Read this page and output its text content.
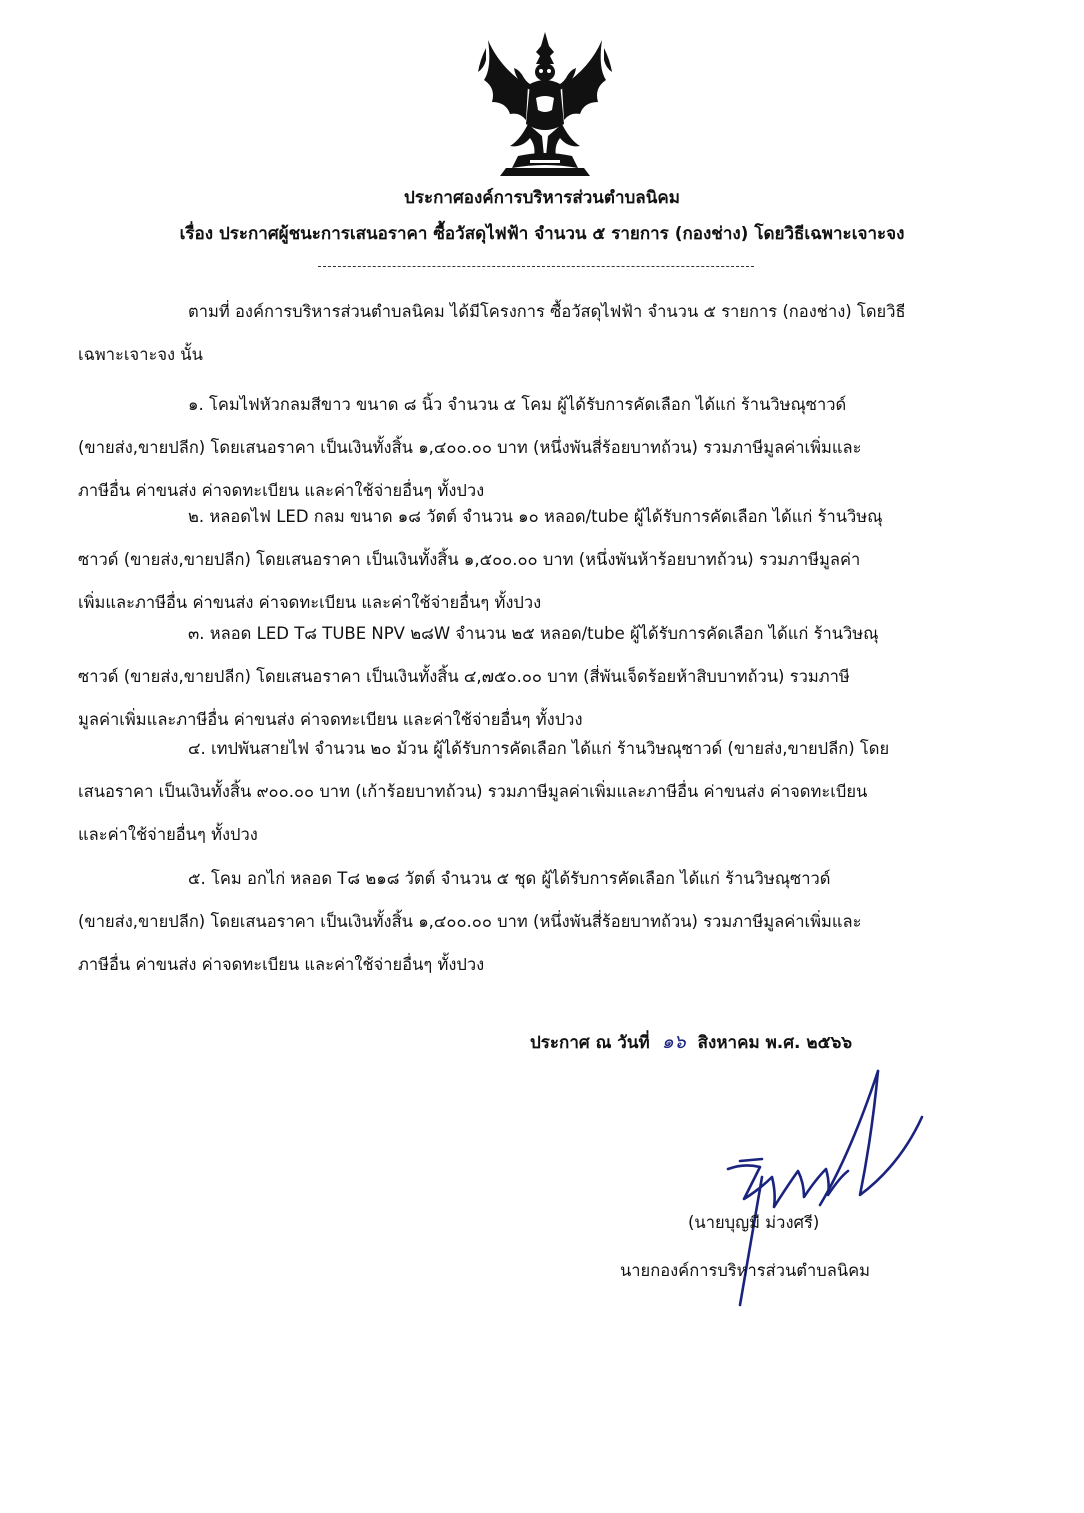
ประกาศองค์การบริหารส่วนตำบลนิคม
เรื่อง ประกาศผู้ชนะการเสนอราคา ซื้อวัสดุไฟฟ้า จำนวน ๕ รายการ (กองช่าง) โดยวิธีเฉพาะเจาะจง
ตามที่ องค์การบริหารส่วนตำบลนิคม ได้มีโครงการ ซื้อวัสดุไฟฟ้า จำนวน ๕ รายการ (กองช่าง) โดยวิธี
เฉพาะเจาะจง นั้น
๑. โคมไฟหัวกลมสีขาว ขนาด ๘ นิ้ว จำนวน ๕ โคม ผู้ได้รับการคัดเลือก ได้แก่ ร้านวิษณุซาวด์
(ขายส่ง,ขายปลีก) โดยเสนอราคา เป็นเงินทั้งสิ้น ๑,๔๐๐.๐๐ บาท (หนึ่งพันสี่ร้อยบาทถ้วน) รวมภาษีมูลค่าเพิ่มและ
ภาษีอื่น ค่าขนส่ง ค่าจดทะเบียน และค่าใช้จ่ายอื่นๆ ทั้งปวง
๒. หลอดไฟ LED กลม ขนาด ๑๘ วัตต์ จำนวน ๑๐ หลอด/tube ผู้ได้รับการคัดเลือก ได้แก่ ร้านวิษณุ
ซาวด์ (ขายส่ง,ขายปลีก) โดยเสนอราคา เป็นเงินทั้งสิ้น ๑,๕๐๐.๐๐ บาท (หนึ่งพันห้าร้อยบาทถ้วน) รวมภาษีมูลค่า
เพิ่มและภาษีอื่น ค่าขนส่ง ค่าจดทะเบียน และค่าใช้จ่ายอื่นๆ ทั้งปวง
๓. หลอด LED T๘ TUBE NPV ๒๘W จำนวน ๒๕ หลอด/tube ผู้ได้รับการคัดเลือก ได้แก่ ร้านวิษณุ
ซาวด์ (ขายส่ง,ขายปลีก) โดยเสนอราคา เป็นเงินทั้งสิ้น ๔,๗๕๐.๐๐ บาท (สี่พันเจ็ดร้อยห้าสิบบาทถ้วน) รวมภาษี
มูลค่าเพิ่มและภาษีอื่น ค่าขนส่ง ค่าจดทะเบียน และค่าใช้จ่ายอื่นๆ ทั้งปวง
๔. เทปพันสายไฟ จำนวน ๒๐ ม้วน ผู้ได้รับการคัดเลือก ได้แก่ ร้านวิษณุซาวด์ (ขายส่ง,ขายปลีก) โดย
เสนอราคา เป็นเงินทั้งสิ้น ๙๐๐.๐๐ บาท (เก้าร้อยบาทถ้วน) รวมภาษีมูลค่าเพิ่มและภาษีอื่น ค่าขนส่ง ค่าจดทะเบียน
และค่าใช้จ่ายอื่นๆ ทั้งปวง
๕. โคม อกไก่ หลอด T๘ ๒๑๘ วัตต์ จำนวน ๕ ชุด ผู้ได้รับการคัดเลือก ได้แก่ ร้านวิษณุซาวด์
(ขายส่ง,ขายปลีก) โดยเสนอราคา เป็นเงินทั้งสิ้น ๑,๔๐๐.๐๐ บาท (หนึ่งพันสี่ร้อยบาทถ้วน) รวมภาษีมูลค่าเพิ่มและ
ภาษีอื่น ค่าขนส่ง ค่าจดทะเบียน และค่าใช้จ่ายอื่นๆ ทั้งปวง
ประกาศ ณ วันที่ ๑๖ สิงหาคม พ.ศ. ๒๕๖๖
(นายบุญมี ม่วงศรี)
นายกองค์การบริหารส่วนตำบลนิคม
